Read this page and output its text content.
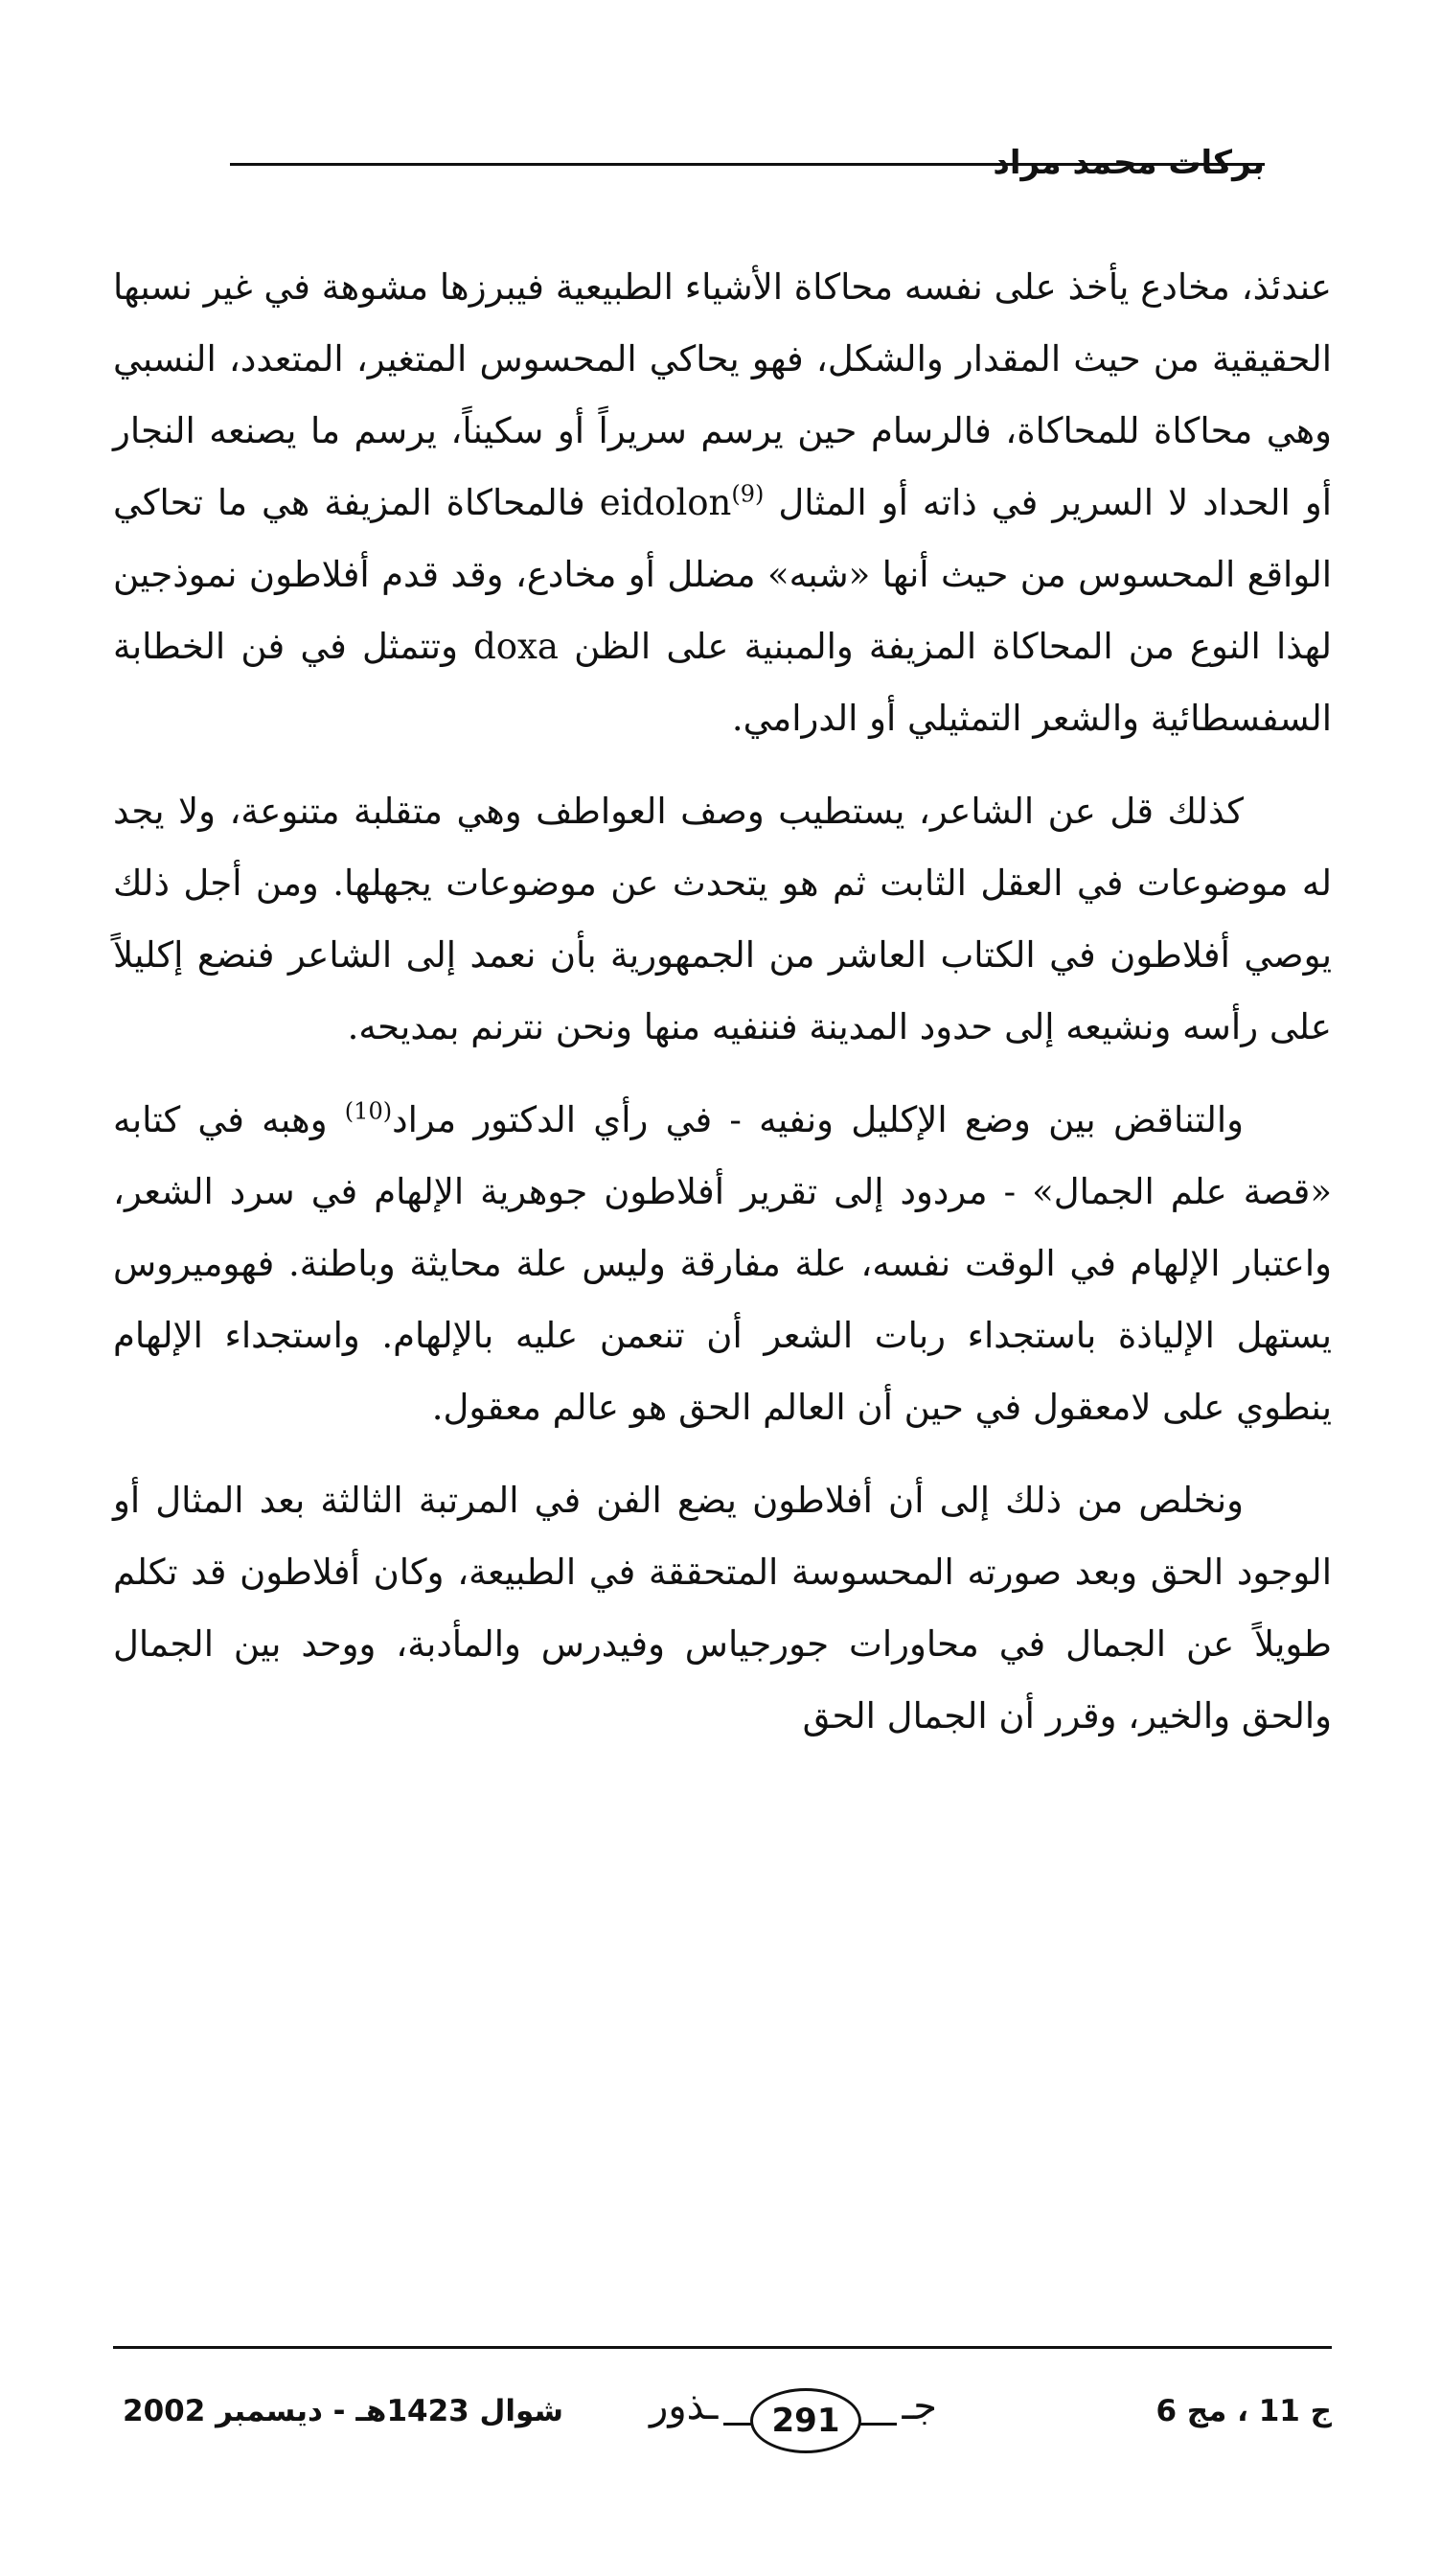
بركات محمد مراد

عندئذ، مخادع يأخذ على نفسه محاكاة الأشياء الطبيعية فيبرزها مشوهة في غير نسبها الحقيقية من حيث المقدار والشكل، فهو يحاكي المحسوس المتغير، المتعدد، النسبي وهي محاكاة للمحاكاة، فالرسام حين يرسم سريراً أو سكيناً، يرسم ما يصنعه النجار أو الحداد لا السرير في ذاته أو المثال eidolon$^{(9)}$ فالمحاكاة المزيفة هي ما تحاكي الواقع المحسوس من حيث أنها «شبه» مضلل أو مخادع، وقد قدم أفلاطون نموذجين لهذا النوع من المحاكاة المزيفة والمبنية على الظن doxa وتتمثل في فن الخطابة السفسطائية والشعر التمثيلي أو الدرامي.

كذلك قل عن الشاعر، يستطيب وصف العواطف وهي متقلبة متنوعة، ولا يجد له موضوعات في العقل الثابت ثم هو يتحدث عن موضوعات يجهلها. ومن أجل ذلك يوصي أفلاطون في الكتاب العاشر من الجمهورية بأن نعمد إلى الشاعر فنضع إكليلاً على رأسه ونشيعه إلى حدود المدينة فننفيه منها ونحن نترنم بمديحه.

والتناقض بين وضع الإكليل ونفيه - في رأي الدكتور مراد$^{(10)}$ وهبه في كتابه «قصة علم الجمال» - مردود إلى تقرير أفلاطون جوهرية الإلهام في سرد الشعر، واعتبار الإلهام في الوقت نفسه، علة مفارقة وليس علة محايثة وباطنة. فهوميروس يستهل الإلياذة باستجداء ربات الشعر أن تنعمن عليه بالإلهام. واستجداء الإلهام ينطوي على لامعقول في حين أن العالم الحق هو عالم معقول.

ونخلص من ذلك إلى أن أفلاطون يضع الفن في المرتبة الثالثة بعد المثال أو الوجود الحق وبعد صورته المحسوسة المتحققة في الطبيعة، وكان أفلاطون قد تكلم طويلاً عن الجمال في محاورات جورجياس وفيدرس والمأدبة، ووحد بين الجمال والحق والخير، وقرر أن الجمال الحق

ج 11 ، مج 6
جـ
ـذور	291
شوال 1423هـ - ديسمبر 2002
